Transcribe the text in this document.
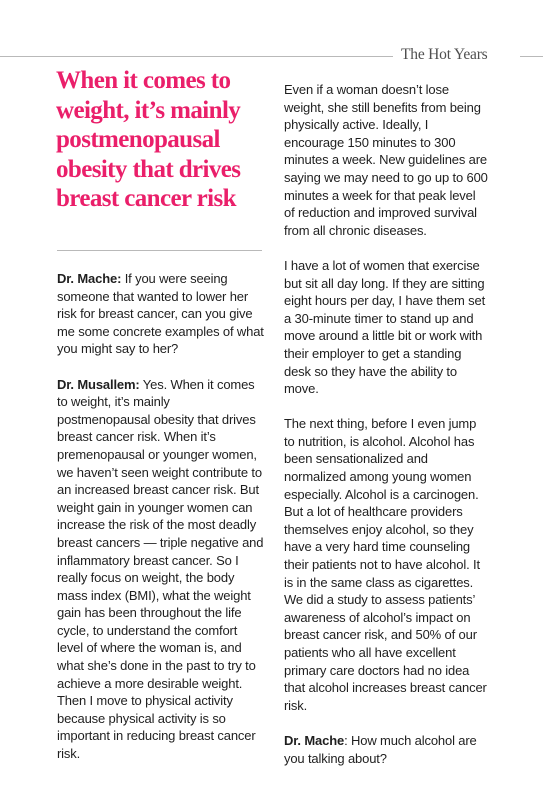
The Hot Years
When it comes to weight, it’s mainly postmenopausal obesity that drives breast cancer risk

Dr. Mache: If you were seeing someone that wanted to lower her risk for breast cancer, can you give me some concrete examples of what you might say to her?

Dr. Musallem: Yes. When it comes to weight, it’s mainly postmenopausal obesity that drives breast cancer risk. When it’s premenopausal or younger women, we haven’t seen weight contribute to an increased breast cancer risk. But weight gain in younger women can increase the risk of the most deadly breast cancers — triple negative and inflammatory breast cancer. So I really focus on weight, the body mass index (BMI), what the weight gain has been throughout the life cycle, to understand the comfort level of where the woman is, and what she’s done in the past to try to achieve a more desirable weight. Then I move to physical activity because physical activity is so important in reducing breast cancer risk.

Even if a woman doesn’t lose weight, she still benefits from being physically active. Ideally, I encourage 150 minutes to 300 minutes a week. New guidelines are saying we may need to go up to 600 minutes a week for that peak level of reduction and improved survival from all chronic diseases.

I have a lot of women that exercise but sit all day long. If they are sitting eight hours per day, I have them set a 30-minute timer to stand up and move around a little bit or work with their employer to get a standing desk so they have the ability to move.

The next thing, before I even jump to nutrition, is alcohol. Alcohol has been sensationalized and normalized among young women especially. Alcohol is a carcinogen. But a lot of healthcare providers themselves enjoy alcohol, so they have a very hard time counseling their patients not to have alcohol. It is in the same class as cigarettes. We did a study to assess patients’ awareness of alcohol’s impact on breast cancer risk, and 50% of our patients who all have excellent primary care doctors had no idea that alcohol increases breast cancer risk.

Dr. Mache: How much alcohol are you talking about?
